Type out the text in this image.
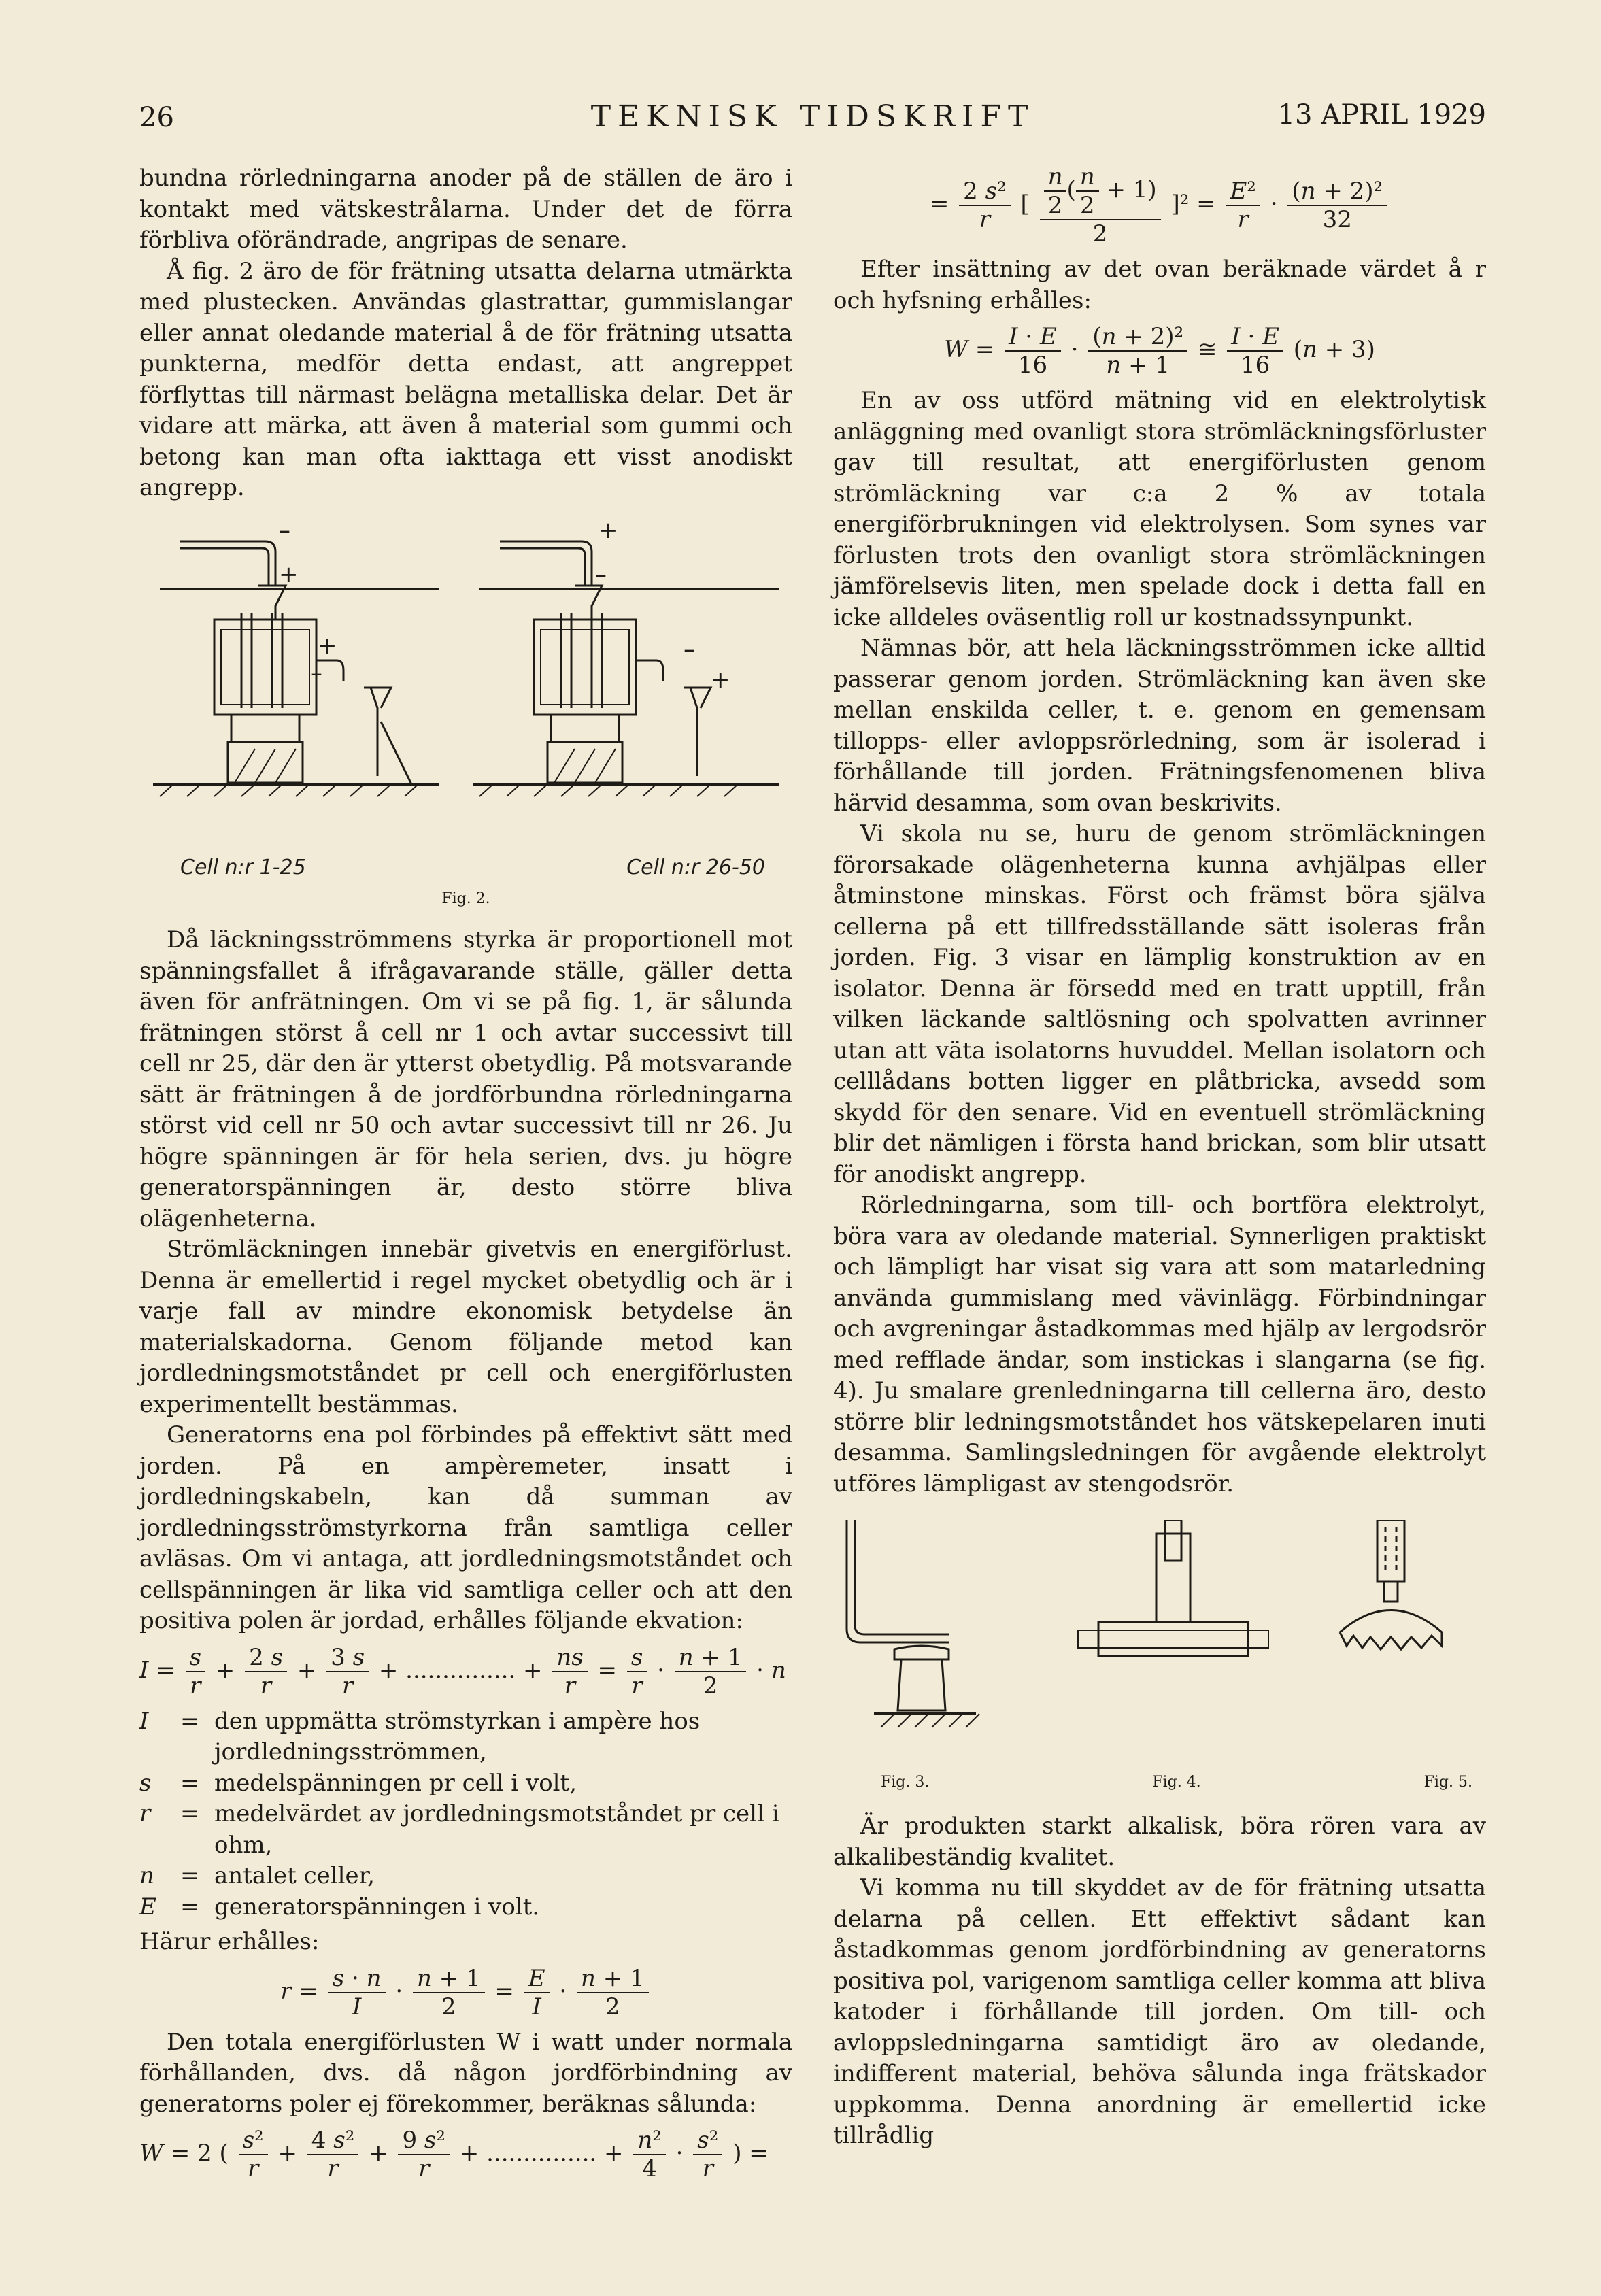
26	TEKNISK TIDSKRIFT	13 APRIL 1929

bundna rörledningarna anoder på de ställen de äro i kontakt med vätskestrålarna. Under det de förra förbliva oförändrade, angripas de senare.

Å fig. 2 äro de för frätning utsatta delarna utmärkta med plustecken. Användas glastrattar, gummislangar eller annat oledande material å de för frätning utsatta punkterna, medför detta endast, att angreppet förflyttas till närmast belägna metalliska delar. Det är vidare att märka, att även å material som gummi och betong kan man ofta iakttaga ett visst anodiskt angrepp.

–
+
+
–
+
–
–
+
Cell n:r 1-25	Cell n:r 26-50
Fig. 2.

Då läckningsströmmens styrka är proportionell mot spänningsfallet å ifrågavarande ställe, gäller detta även för anfrätningen. Om vi se på fig. 1, är sålunda frätningen störst å cell nr 1 och avtar successivt till cell nr 25, där den är ytterst obetydlig. På motsvarande sätt är frätningen å de jordförbundna rörledningarna störst vid cell nr 50 och avtar successivt till nr 26. Ju högre spänningen är för hela serien, dvs. ju högre generatorspänningen är, desto större bliva olägenheterna.

Strömläckningen innebär givetvis en energiförlust. Denna är emellertid i regel mycket obetydlig och är i varje fall av mindre ekonomisk betydelse än materialskadorna. Genom följande metod kan jordledningsmotståndet pr cell och energiförlusten experimentellt bestämmas.

Generatorns ena pol förbindes på effektivt sätt med jorden. På en ampèremeter, insatt i jordledningskabeln, kan då summan av jordledningsströmstyrkorna från samtliga celler avläsas. Om vi antaga, att jordledningsmotståndet och cellspänningen är lika vid samtliga celler och att den positiva polen är jordad, erhålles följande ekvation:

$I = \frac{s}{r} + \frac{2 s}{r} + \frac{3 s}{r}$ + ............... + $\frac{ns}{r} = \frac{s}{r} \cdot \frac{n + 1}{2} \cdot n$
I	= den uppmätta strömstyrkan i ampère hos jordledningsströmmen,
s	= medelspänningen pr cell i volt,
r	= medelvärdet av jordledningsmotståndet pr cell i ohm,
n	= antalet celler,
E	= generatorspänningen i volt.

Härur erhålles:

$r = \frac{s \cdot n}{I} \cdot \frac{n + 1}{2} = \frac{E}{I} \cdot \frac{n + 1}{2}$

Den totala energiförlusten W i watt under normala förhållanden, dvs. då någon jordförbindning av generatorns poler ej förekommer, beräknas sålunda:

W = 2 ( $\frac{\text{s²}}{r} + \frac{\text{4 s²}}{r} + \frac{\text{9 s²}}{r}$ + ............... + $\frac{\text{n²}}{4} \cdot \frac{\text{s²}}{r}$ ) =
= $\frac{\text{2 s²}}{r}$ [ $\frac{\frac{n}{2} ( \frac{n}{2} + 1)}{2} ]^2 = \frac{\text{E²}}{r} \cdot \frac{\text{(n + 2)²}}{32}$

Efter insättning av det ovan beräknade värdet å r och hyfsning erhålles:

$W = \frac{I \cdot E}{16} \cdot \frac{\text{(n + 2)²}}{n + 1}$ ≅ $\frac{I \cdot E}{16} (n + 3)$

En av oss utförd mätning vid en elektrolytisk anläggning med ovanligt stora strömläckningsförluster gav till resultat, att energiförlusten genom strömläckning var c:a 2 % av totala energiförbrukningen vid elektrolysen. Som synes var förlusten trots den ovanligt stora strömläckningen jämförelsevis liten, men spelade dock i detta fall en icke alldeles oväsentlig roll ur kostnadssynpunkt.

Nämnas bör, att hela läckningsströmmen icke alltid passerar genom jorden. Strömläckning kan även ske mellan enskilda celler, t. e. genom en gemensam tillopps- eller avloppsrörledning, som är isolerad i förhållande till jorden. Frätningsfenomenen bliva härvid desamma, som ovan beskrivits.

Vi skola nu se, huru de genom strömläckningen förorsakade olägenheterna kunna avhjälpas eller åtminstone minskas. Först och främst böra själva cellerna på ett tillfredsställande sätt isoleras från jorden. Fig. 3 visar en lämplig konstruktion av en isolator. Denna är försedd med en tratt upptill, från vilken läckande saltlösning och spolvatten avrinner utan att väta isolatorns huvuddel. Mellan isolatorn och celllådans botten ligger en plåtbricka, avsedd som skydd för den senare. Vid en eventuell strömläckning blir det nämligen i första hand brickan, som blir utsatt för anodiskt angrepp.

Rörledningarna, som till- och bortföra elektrolyt, böra vara av oledande material. Synnerligen praktiskt och lämpligt har visat sig vara att som matarledning använda gummislang med vävinlägg. Förbindningar och avgreningar åstadkommas med hjälp av lergodsrör med refflade ändar, som instickas i slangarna (se fig. 4). Ju smalare grenledningarna till cellerna äro, desto större blir ledningsmotståndet hos vätskepelaren inuti desamma. Samlingsledningen för avgående elektrolyt utföres lämpligast av stengodsrör.

Fig. 3.	Fig. 4.	Fig. 5.

Är produkten starkt alkalisk, böra rören vara av alkalibeständig kvalitet.

Vi komma nu till skyddet av de för frätning utsatta delarna på cellen. Ett effektivt sådant kan åstadkommas genom jordförbindning av generatorns positiva pol, varigenom samtliga celler komma att bliva katoder i förhållande till jorden. Om till- och avloppsledningarna samtidigt äro av oledande, indifferent material, behöva sålunda inga frätskador uppkomma. Denna anordning är emellertid icke tillrådlig
